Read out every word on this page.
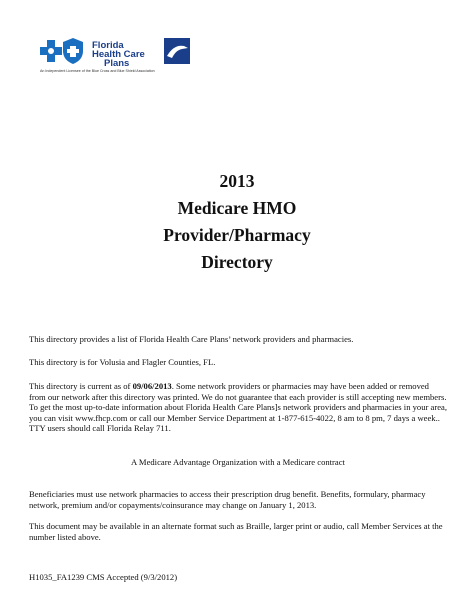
Florida
Health Care
Plans
An Independent Licensee of the Blue Cross and Blue Shield Association
2013
Medicare HMO
Provider/Pharmacy
Directory

This directory provides a list of Florida Health Care Plans’ network providers and pharmacies.

This directory is for Volusia and Flagler Counties, FL.

This directory is current as of 09/06/2013. Some network providers or pharmacies may have been added or removed from our network after this directory was printed. We do not guarantee that each provider is still accepting new members. To get the most up-to-date information about Florida Health Care Plans]s network providers and pharmacies in your area, you can visit www.fhcp.com or call our Member Service Department at 1-877-615-4022, 8 am to 8 pm, 7 days a week.. TTY users should call Florida Relay 711.

A Medicare Advantage Organization with a Medicare contract

Beneficiaries must use network pharmacies to access their prescription drug benefit. Benefits, formulary, pharmacy network, premium and/or copayments/coinsurance may change on January 1, 2013.

This document may be available in an alternate format such as Braille, larger print or audio, call Member Services at the number listed above.

H1035_FA1239 CMS Accepted (9/3/2012)
